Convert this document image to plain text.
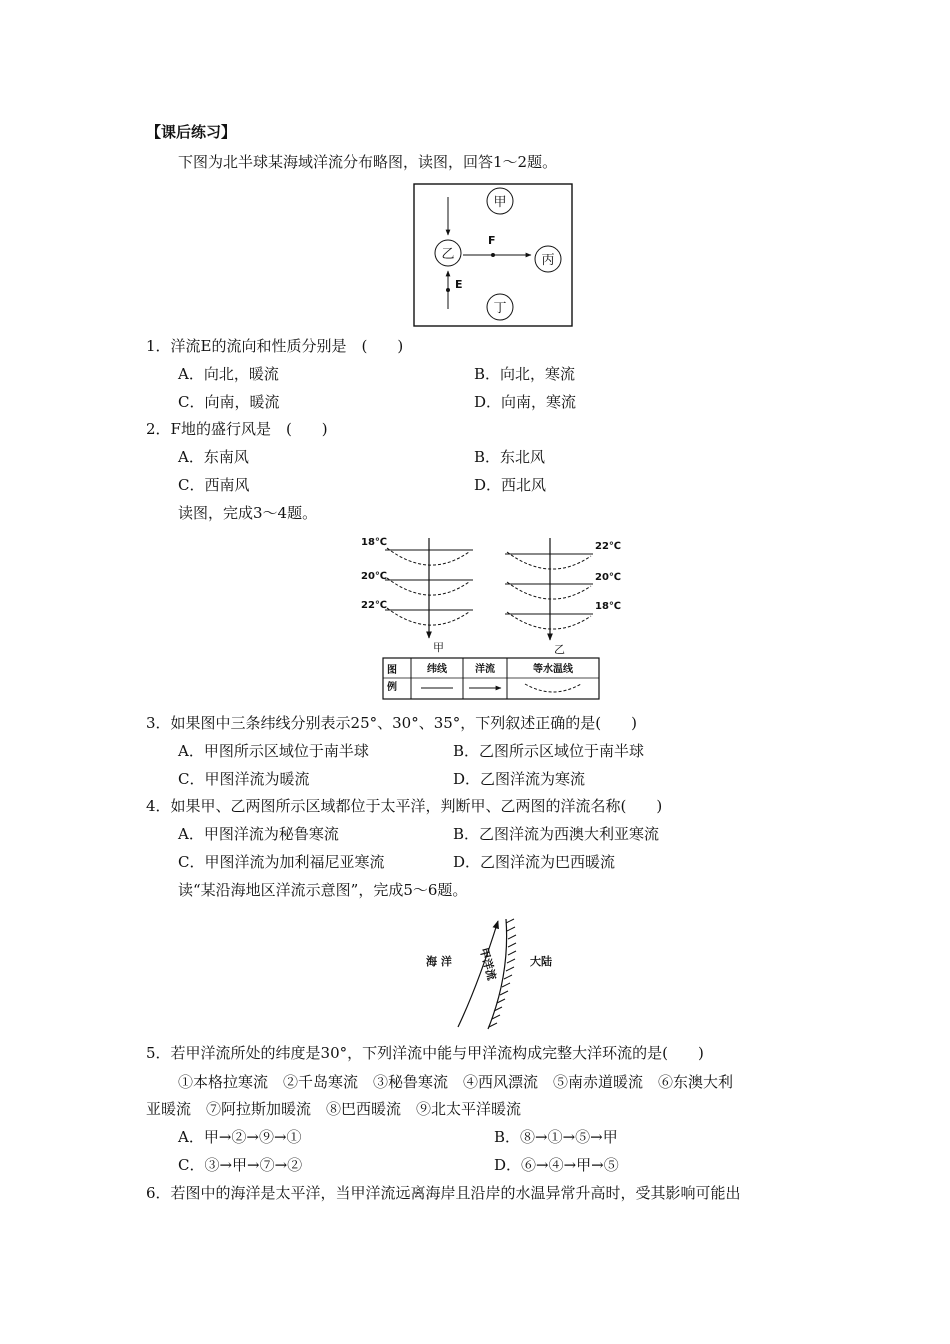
【课后练习】
下图为北半球某海域洋流分布略图，读图，回答1～2题。
甲
乙	丙
丁
F
E
1．洋流E的流向和性质分别是　(　　)
A．向北，暖流	B．向北，寒流
C．向南，暖流	D．向南，寒流
2．F地的盛行风是　(　　)
A．东南风	B．东北风
C．西南风	D．西北风
读图，完成3～4题。
18℃
20℃
22℃
甲
22℃
20℃
18℃
乙
图
例
纬线	洋流	等水温线
3．如果图中三条纬线分别表示25°、30°、35°，下列叙述正确的是(　　)
A．甲图所示区域位于南半球	B．乙图所示区域位于南半球
C．甲图洋流为暖流	D．乙图洋流为寒流
4．如果甲、乙两图所示区域都位于太平洋，判断甲、乙两图的洋流名称(　　)
A．甲图洋流为秘鲁寒流	B．乙图洋流为西澳大利亚寒流
C．甲图洋流为加利福尼亚寒流	D．乙图洋流为巴西暖流
读“某沿海地区洋流示意图”，完成5～6题。
海 洋	大陆
甲洋流
5．若甲洋流所处的纬度是30°，下列洋流中能与甲洋流构成完整大洋环流的是(　　)
①本格拉寒流　②千岛寒流　③秘鲁寒流　④西风漂流　⑤南赤道暖流　⑥东澳大利
亚暖流　⑦阿拉斯加暖流　⑧巴西暖流　⑨北太平洋暖流
A．甲→②→⑨→①	B．⑧→①→⑤→甲
C．③→甲→⑦→②	D．⑥→④→甲→⑤
6．若图中的海洋是太平洋，当甲洋流远离海岸且沿岸的水温异常升高时，受其影响可能出
